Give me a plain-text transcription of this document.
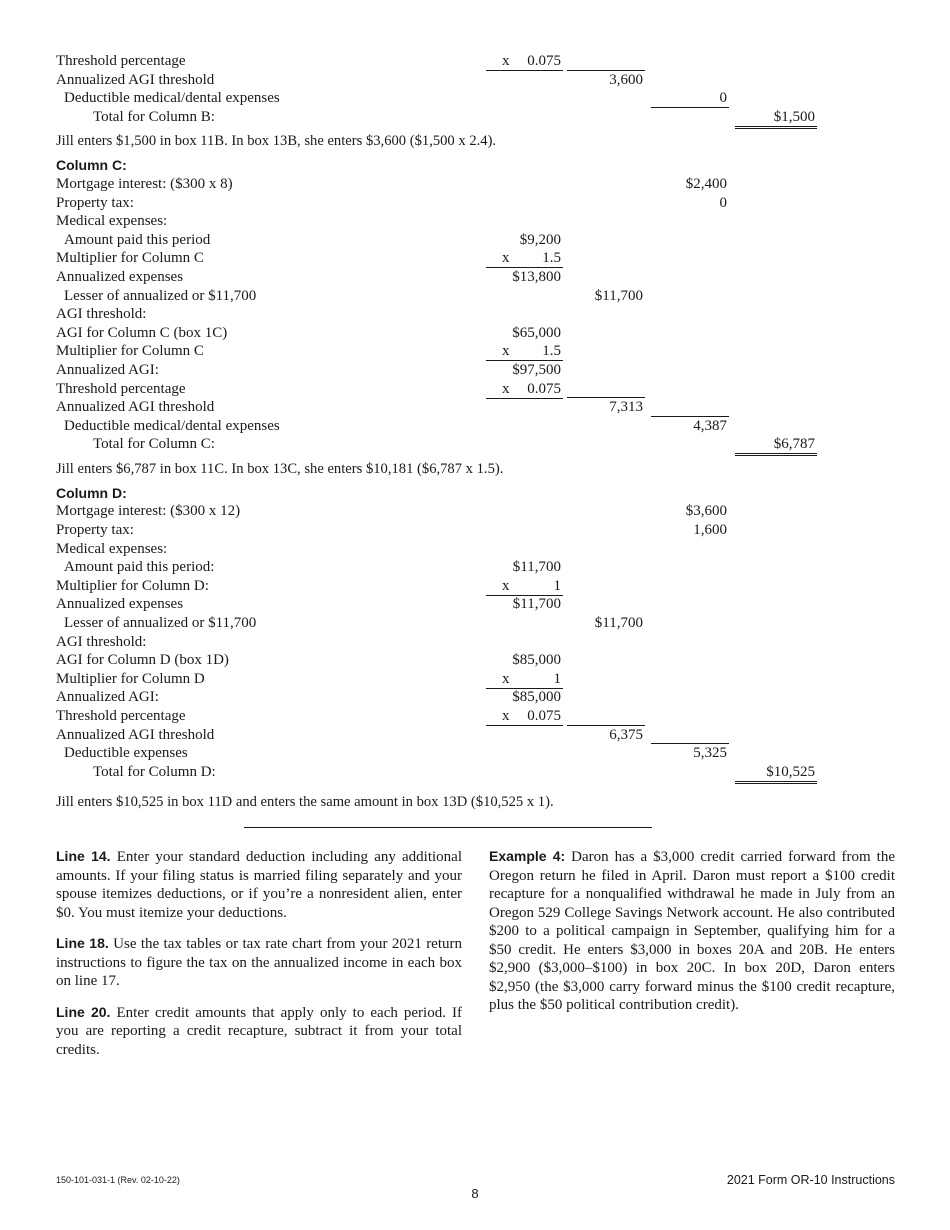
Threshold percentage	x 0.075
Annualized AGI threshold	3,600
Deductible medical/dental expenses	0
Total for Column B:	$1,500
Jill enters $1,500 in box 11B. In box 13B, she enters $3,600 ($1,500 x 2.4).
Column C:
Mortgage interest: ($300 x 8)	$2,400
Property tax:	0
Medical expenses:
Amount paid this period	$9,200
Multiplier for Column C	x 1.5
Annualized expenses	$13,800
Lesser of annualized or $11,700	$11,700
AGI threshold:
AGI for Column C (box 1C)	$65,000
Multiplier for Column C	x 1.5
Annualized AGI:	$97,500
Threshold percentage	x 0.075
Annualized AGI threshold	7,313
Deductible medical/dental expenses	4,387
Total for Column C:	$6,787
Jill enters $6,787 in box 11C. In box 13C, she enters $10,181 ($6,787 x 1.5).
Column D:
Mortgage interest: ($300 x 12)	$3,600
Property tax:	1,600
Medical expenses:
Amount paid this period:	$11,700
Multiplier for Column D:	x	1
Annualized expenses	$11,700
Lesser of annualized or $11,700	$11,700
AGI threshold:
AGI for Column D (box 1D)	$85,000
Multiplier for Column D	x	1
Annualized AGI:	$85,000
Threshold percentage	x 0.075
Annualized AGI threshold	6,375
Deductible expenses	5,325
Total for Column D:	$10,525
Jill enters $10,525 in box 11D and enters the same amount in box 13D ($10,525 x 1).

Line 14. Enter your standard deduction including any additional amounts. If your filing status is married filing separately and your spouse itemizes deductions, or if you’re a nonresident alien, enter $0. You must itemize your deductions.

Line 18. Use the tax tables or tax rate chart from your 2021 return instructions to figure the tax on the annualized income in each box on line 17.

Line 20. Enter credit amounts that apply only to each period. If you are reporting a credit recapture, subtract it from your total credits.

Example 4: Daron has a $3,000 credit carried forward from the Oregon return he filed in April. Daron must report a $100 credit recapture for a nonqualified withdrawal he made in July from an Oregon 529 College Savings Network account. He also contributed $200 to a political campaign in September, qualifying him for a $50 credit. He enters $3,000 in boxes 20A and 20B. He enters $2,900 ($3,000–$100) in box 20C. In box 20D, Daron enters $2,950 (the $3,000 carry forward minus the $100 credit recapture, plus the $50 political contribution credit).

150-101-031-1 (Rev. 02-10-22)
8
2021 Form OR-10 Instructions
